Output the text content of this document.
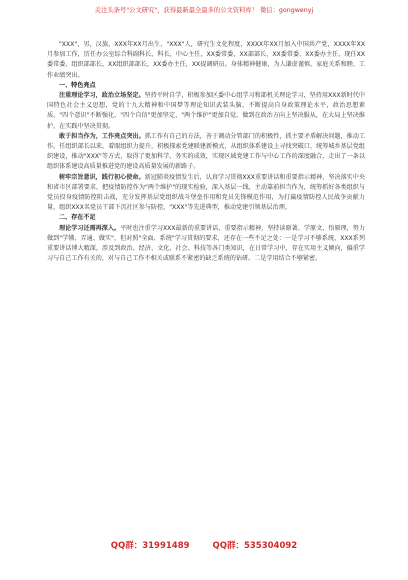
关注头条号"公文研究"，获得最新最全最多的公文资料库！ 微信：gongwenyj

"XXX"，男，汉族，XXX年XX月出生，"XXX"人，研究生文化程度，XXXX年XX月加入中国共产党，XXXX年XX月参加工作，历任办公室综合科副科长、科长，中心主任，XX委常委、XX部部长，XX委常委、XX委办主任，现任XX委常委、组织部部长、XX组织部部长，XX委办主任，XX提调研员。身体精神健康，为人谦虚谨慎、家庭关系和睦、工作业绩突出。

一、特色亮点

注重理论学习，政治立场坚定。坚持平时自学，积极参加区委中心组学习和部机关理论学习，坚持用XXX新时代中国特色社会主义思想，党的十九大精神和中国梦等理论知识武装头脑，不断提高自身政策理论水平，政治思想素质。"四个意识"不断强化，"四个自信"更加坚定，"两个维护"更加自觉。做到在政治方向上坚决服从，在大局上坚决维护，在实践中坚决贯彻。

敢于担当作为，工作亮点突出。抓工作有自己的方法，善于调动分管部门的积极性，抓主要矛盾解决问题，推动工作。任组织部长以来，着眼组织力提升，积极探索党建联建新模式，从组织体系建设上寻找突破口，统筹城乡基层党组织建设，推动"XXX"等方式，取得了更加科学、务实的成效，实现区域党建工作与中心工作的深度融合，走出了一条以组织体系建设高质量推进党的建设高质量发展的新路子。

树牢宗旨意识，践行初心使命。新冠肺炎疫情发生后，认真学习贯彻XXX重要讲话和重要指示精神，坚决落实中央和省市区部署要求，把疫情防控作为"两个维护"的现实检验，深入基层一线，主动靠前担当作为，统筹抓好各类组织与党员投身疫情防控阻击战，充分发挥基层党组织战斗堡垒作用和党员先锋模范作用，为打赢疫情防控人民战争贡献力量，组织XXX名党员干部下沉社区参与防控，"XXX"等先进典型，推动党建引领基层治理。

二、存在不足

理论学习还需再深入。平时也注重学习XXX最新的重要讲话、重要指示精神，坚持读原著、学原文、悟原理，努力做到"学懂、弄通、做实"，但对照"全面、系统"学习贯彻的要求，还存在一些不足之处：一是学习不够系统，XXX系列重要讲话博大精深，涉及到政治、经济、文化、社会、科技等各门类知识，在日常学习中，存在实用主义倾向，偏重学习与自己工作有关的，对与自己工作不相关或联系不紧密的缺乏系统的钻研。二是学用结合不够紧密。

QQ群：31991489	QQ群：535304092
